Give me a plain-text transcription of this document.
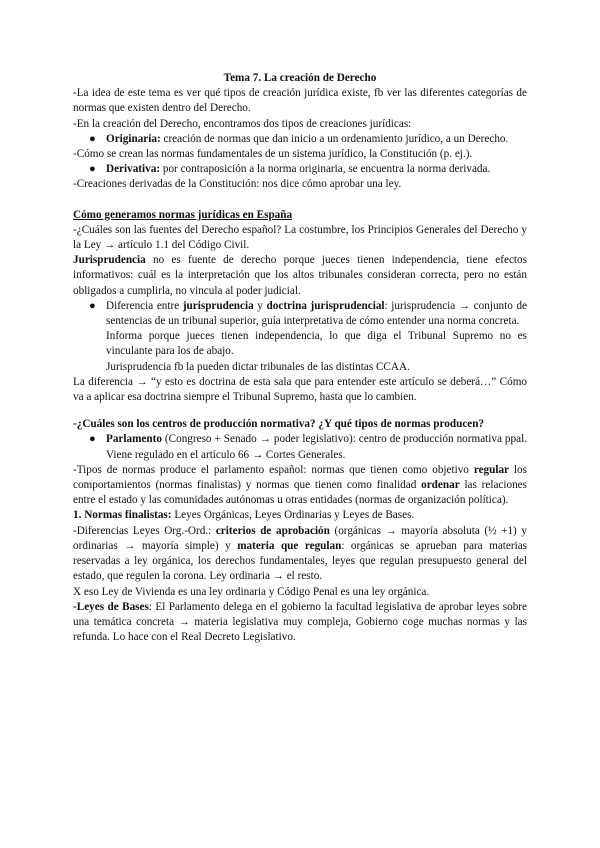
Tema 7. La creación de Derecho

-La idea de este tema es ver qué tipos de creación jurídica existe, fb ver las diferentes categorías de normas que existen dentro del Derecho.

-En la creación del Derecho, encontramos dos tipos de creaciones jurídicas:

● Originaria: creación de normas que dan inicio a un ordenamiento jurídico, a un Derecho.

-Cómo se crean las normas fundamentales de un sistema jurídico, la Constitución (p. ej.).

● Derivativa: por contraposición a la norma originaria, se encuentra la norma derivada.

-Creaciones derivadas de la Constitución: nos dice cómo aprobar una ley.

Cómo generamos normas jurídicas en España

-¿Cuáles son las fuentes del Derecho español? La costumbre, los Principios Generales del Derecho y la Ley → artículo 1.1 del Código Civil.

Jurisprudencia no es fuente de derecho porque jueces tienen independencia, tiene efectos informativos: cuál es la interpretación que los altos tribunales consideran correcta, pero no están obligados a cumplirla, no vincula al poder judicial.

● Diferencia entre jurisprudencia y doctrina jurisprudencial: jurisprudencia → conjunto de sentencias de un tribunal superior, guía interpretativa de cómo entender una norma concreta.
Informa porque jueces tienen independencia, lo que diga el Tribunal Supremo no es vinculante para los de abajo.
Jurisprudencia fb la pueden dictar tribunales de las distintas CCAA.

La diferencia → “y esto es doctrina de esta sala que para entender este artículo se deberá…” Cómo va a aplicar esa doctrina siempre el Tribunal Supremo, hasta que lo cambien.

-¿Cuáles son los centros de producción normativa? ¿Y qué tipos de normas producen?
● Parlamento (Congreso + Senado → poder legislativo): centro de producción normativa ppal. Viene regulado en el artículo 66 → Cortes Generales.

-Tipos de normas produce el parlamento español: normas que tienen como objetivo regular los comportamientos (normas finalistas) y normas que tienen como finalidad ordenar las relaciones entre el estado y las comunidades autónomas u otras entidades (normas de organización política).

1. Normas finalistas: Leyes Orgánicas, Leyes Ordinarias y Leyes de Bases.

-Diferencias Leyes Org.-Ord.: criterios de aprobación (orgánicas → mayoría absoluta (½ +1) y ordinarias → mayoría simple) y materia que regulan: orgánicas se aprueban para materias reservadas a ley orgánica, los derechos fundamentales, leyes que regulan presupuesto general del estado, que regulen la corona. Ley ordinaria → el resto.

X eso Ley de Vivienda es una ley ordinaria y Código Penal es una ley orgánica.

-Leyes de Bases: El Parlamento delega en el gobierno la facultad legislativa de aprobar leyes sobre una temática concreta → materia legislativa muy compleja, Gobierno coge muchas normas y las refunda. Lo hace con el Real Decreto Legislativo.
